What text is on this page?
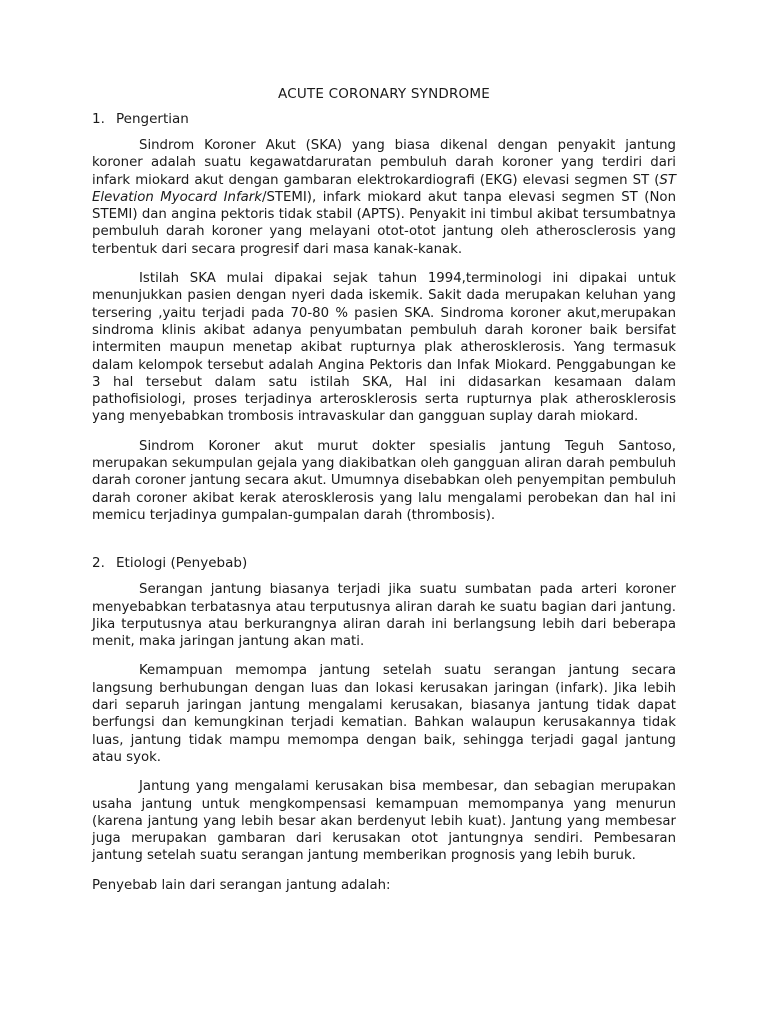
ACUTE CORONARY SYNDROME
1. Pengertian

Sindrom Koroner Akut (SKA) yang biasa dikenal dengan penyakit jantung koroner adalah suatu kegawatdaruratan pembuluh darah koroner yang terdiri dari infark miokard akut dengan gambaran elektrokardiografi (EKG) elevasi segmen ST (ST Elevation Myocard Infark/STEMI), infark miokard akut tanpa elevasi segmen ST (Non STEMI) dan angina pektoris tidak stabil (APTS). Penyakit ini timbul akibat tersumbatnya pembuluh darah koroner yang melayani otot-otot jantung oleh atherosclerosis yang terbentuk dari secara progresif dari masa kanak-kanak.

Istilah SKA mulai dipakai sejak tahun 1994,terminologi ini dipakai untuk menunjukkan pasien dengan nyeri dada iskemik. Sakit dada merupakan keluhan yang tersering ,yaitu terjadi pada 70-80 % pasien SKA. Sindroma koroner akut,merupakan sindroma klinis akibat adanya penyumbatan pembuluh darah koroner baik bersifat intermiten maupun menetap akibat rupturnya plak atherosklerosis. Yang termasuk dalam kelompok tersebut adalah Angina Pektoris dan Infak Miokard. Penggabungan ke 3 hal tersebut dalam satu istilah SKA, Hal ini didasarkan kesamaan dalam pathofisiologi, proses terjadinya arterosklerosis serta rupturnya plak atherosklerosis yang menyebabkan trombosis intravaskular dan gangguan suplay darah miokard.

Sindrom Koroner akut murut dokter spesialis jantung Teguh Santoso, merupakan sekumpulan gejala yang diakibatkan oleh gangguan aliran darah pembuluh darah coroner jantung secara akut. Umumnya disebabkan oleh penyempitan pembuluh darah coroner akibat kerak aterosklerosis yang lalu mengalami perobekan dan hal ini memicu terjadinya gumpalan-gumpalan darah (thrombosis).

2. Etiologi (Penyebab)

Serangan jantung biasanya terjadi jika suatu sumbatan pada arteri koroner menyebabkan terbatasnya atau terputusnya aliran darah ke suatu bagian dari jantung. Jika terputusnya atau berkurangnya aliran darah ini berlangsung lebih dari beberapa menit, maka jaringan jantung akan mati.

Kemampuan memompa jantung setelah suatu serangan jantung secara langsung berhubungan dengan luas dan lokasi kerusakan jaringan (infark). Jika lebih dari separuh jaringan jantung mengalami kerusakan, biasanya jantung tidak dapat berfungsi dan kemungkinan terjadi kematian. Bahkan walaupun kerusakannya tidak luas, jantung tidak mampu memompa dengan baik, sehingga terjadi gagal jantung atau syok.

Jantung yang mengalami kerusakan bisa membesar, dan sebagian merupakan usaha jantung untuk mengkompensasi kemampuan memompanya yang menurun (karena jantung yang lebih besar akan berdenyut lebih kuat). Jantung yang membesar juga merupakan gambaran dari kerusakan otot jantungnya sendiri. Pembesaran jantung setelah suatu serangan jantung memberikan prognosis yang lebih buruk.

Penyebab lain dari serangan jantung adalah:
